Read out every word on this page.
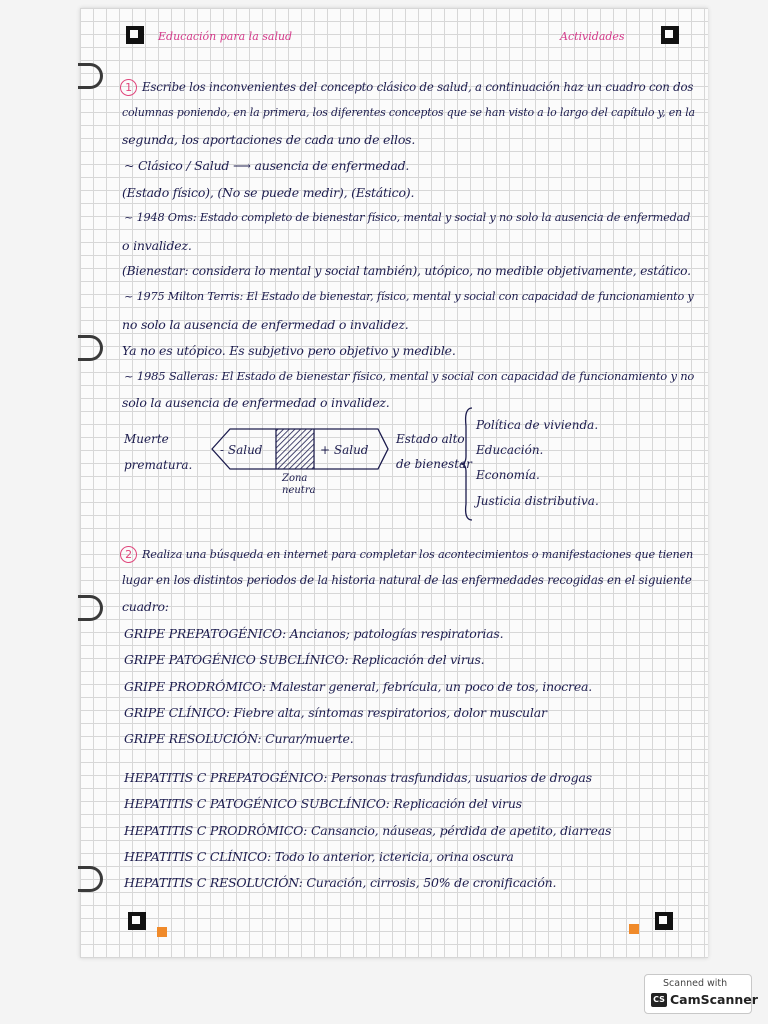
Educación para la salud	Actividades
1 Escribe los inconvenientes del concepto clásico de salud, a continuación haz un cuadro con dos
columnas poniendo, en la primera, los diferentes conceptos que se han visto a lo largo del capítulo y, en la
segunda, los aportaciones de cada uno de ellos.
~ Clásico / Salud ⟶ ausencia de enfermedad.
(Estado físico), (No se puede medir), (Estático).
~ 1948 Oms: Estado completo de bienestar físico, mental y social y no solo la ausencia de enfermedad
o invalidez.
(Bienestar: considera lo mental y social también), utópico, no medible objetivamente, estático.
~ 1975 Milton Terris: El Estado de bienestar, físico, mental y social con capacidad de funcionamiento y
no solo la ausencia de enfermedad o invalidez.
Ya no es utópico. Es subjetivo pero objetivo y medible.
~ 1985 Salleras: El Estado de bienestar físico, mental y social con capacidad de funcionamiento y no
solo la ausencia de enfermedad o invalidez.
Muerte
prematura.
- Salud	+ Salud
Zona
neutra
Estado alto
de bienestar
Política de vivienda.
Educación.
Economía.
Justicia distributiva.
2 Realiza una búsqueda en internet para completar los acontecimientos o manifestaciones que tienen
lugar en los distintos periodos de la historia natural de las enfermedades recogidas en el siguiente
cuadro:
GRIPE PREPATOGÉNICO: Ancianos; patologías respiratorias.
GRIPE PATOGÉNICO SUBCLÍNICO: Replicación del virus.
GRIPE PRODRÓMICO: Malestar general, febrícula, un poco de tos, inocrea.
GRIPE CLÍNICO: Fiebre alta, síntomas respiratorios, dolor muscular
GRIPE RESOLUCIÓN: Curar/muerte.
HEPATITIS C PREPATOGÉNICO: Personas trasfundidas, usuarios de drogas
HEPATITIS C PATOGÉNICO SUBCLÍNICO: Replicación del virus
HEPATITIS C PRODRÓMICO: Cansancio, náuseas, pérdida de apetito, diarreas
HEPATITIS C CLÍNICO: Todo lo anterior, ictericia, orina oscura
HEPATITIS C RESOLUCIÓN: Curación, cirrosis, 50% de cronificación.
Scanned with
CS CamScanner
